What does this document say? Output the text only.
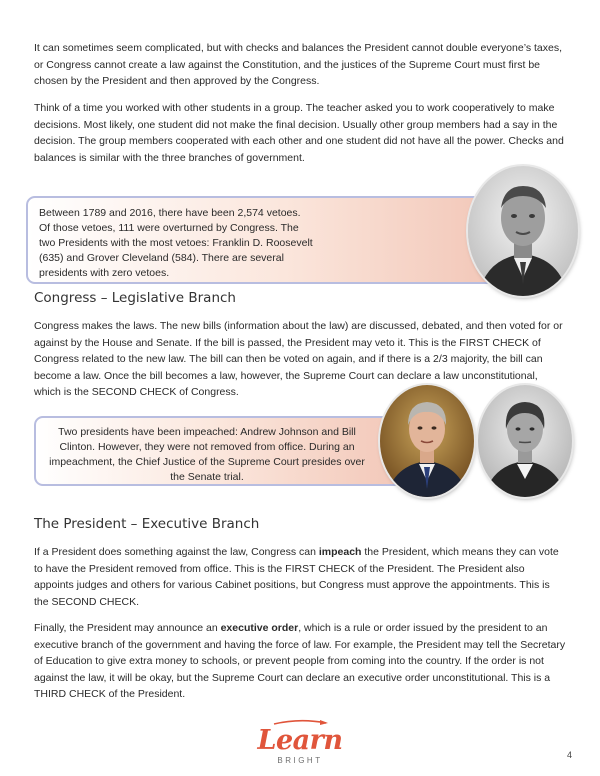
It can sometimes seem complicated, but with checks and balances the President cannot double everyone’s taxes, or Congress cannot create a law against the Constitution, and the justices of the Supreme Court must first be chosen by the President and then approved by the Congress.

Think of a time you worked with other students in a group. The teacher asked you to work cooperatively to make decisions. Most likely, one student did not make the final decision. Usually other group members had a say in the decision. The group members cooperated with each other and one student did not have all the power. Checks and balances is similar with the three branches of government.

Between 1789 and 2016, there have been 2,574 vetoes. Of those vetoes, 111 were overturned by Congress. The two Presidents with the most vetoes: Franklin D. Roosevelt (635) and Grover Cleveland (584). There are several presidents with zero vetoes.
Congress – Legislative Branch

Congress makes the laws. The new bills (information about the law) are discussed, debated, and then voted for or against by the House and Senate. If the bill is passed, the President may veto it. This is the FIRST CHECK of Congress related to the new law. The bill can then be voted on again, and if there is a 2/3 majority, the bill can become a law. Once the bill becomes a law, however, the Supreme Court can declare a law unconstitutional, which is the SECOND CHECK of Congress.

Two presidents have been impeached: Andrew Johnson and Bill Clinton. However, they were not removed from office. During an impeachment, the Chief Justice of the Supreme Court presides over the Senate trial.
The President – Executive Branch

If a President does something against the law, Congress can impeach the President, which means they can vote to have the President removed from office. This is the FIRST CHECK of the President. The President also appoints judges and others for various Cabinet positions, but Congress must approve the appointments. This is the SECOND CHECK.

Finally, the President may announce an executive order, which is a rule or order issued by the president to an executive branch of the government and having the force of law. For example, the President may tell the Secretary of Education to give extra money to schools, or prevent people from coming into the country. If the order is not against the law, it will be okay, but the Supreme Court can declare an executive order unconstitutional. This is a THIRD CHECK of the President.

Learn
BRIGHT
4
